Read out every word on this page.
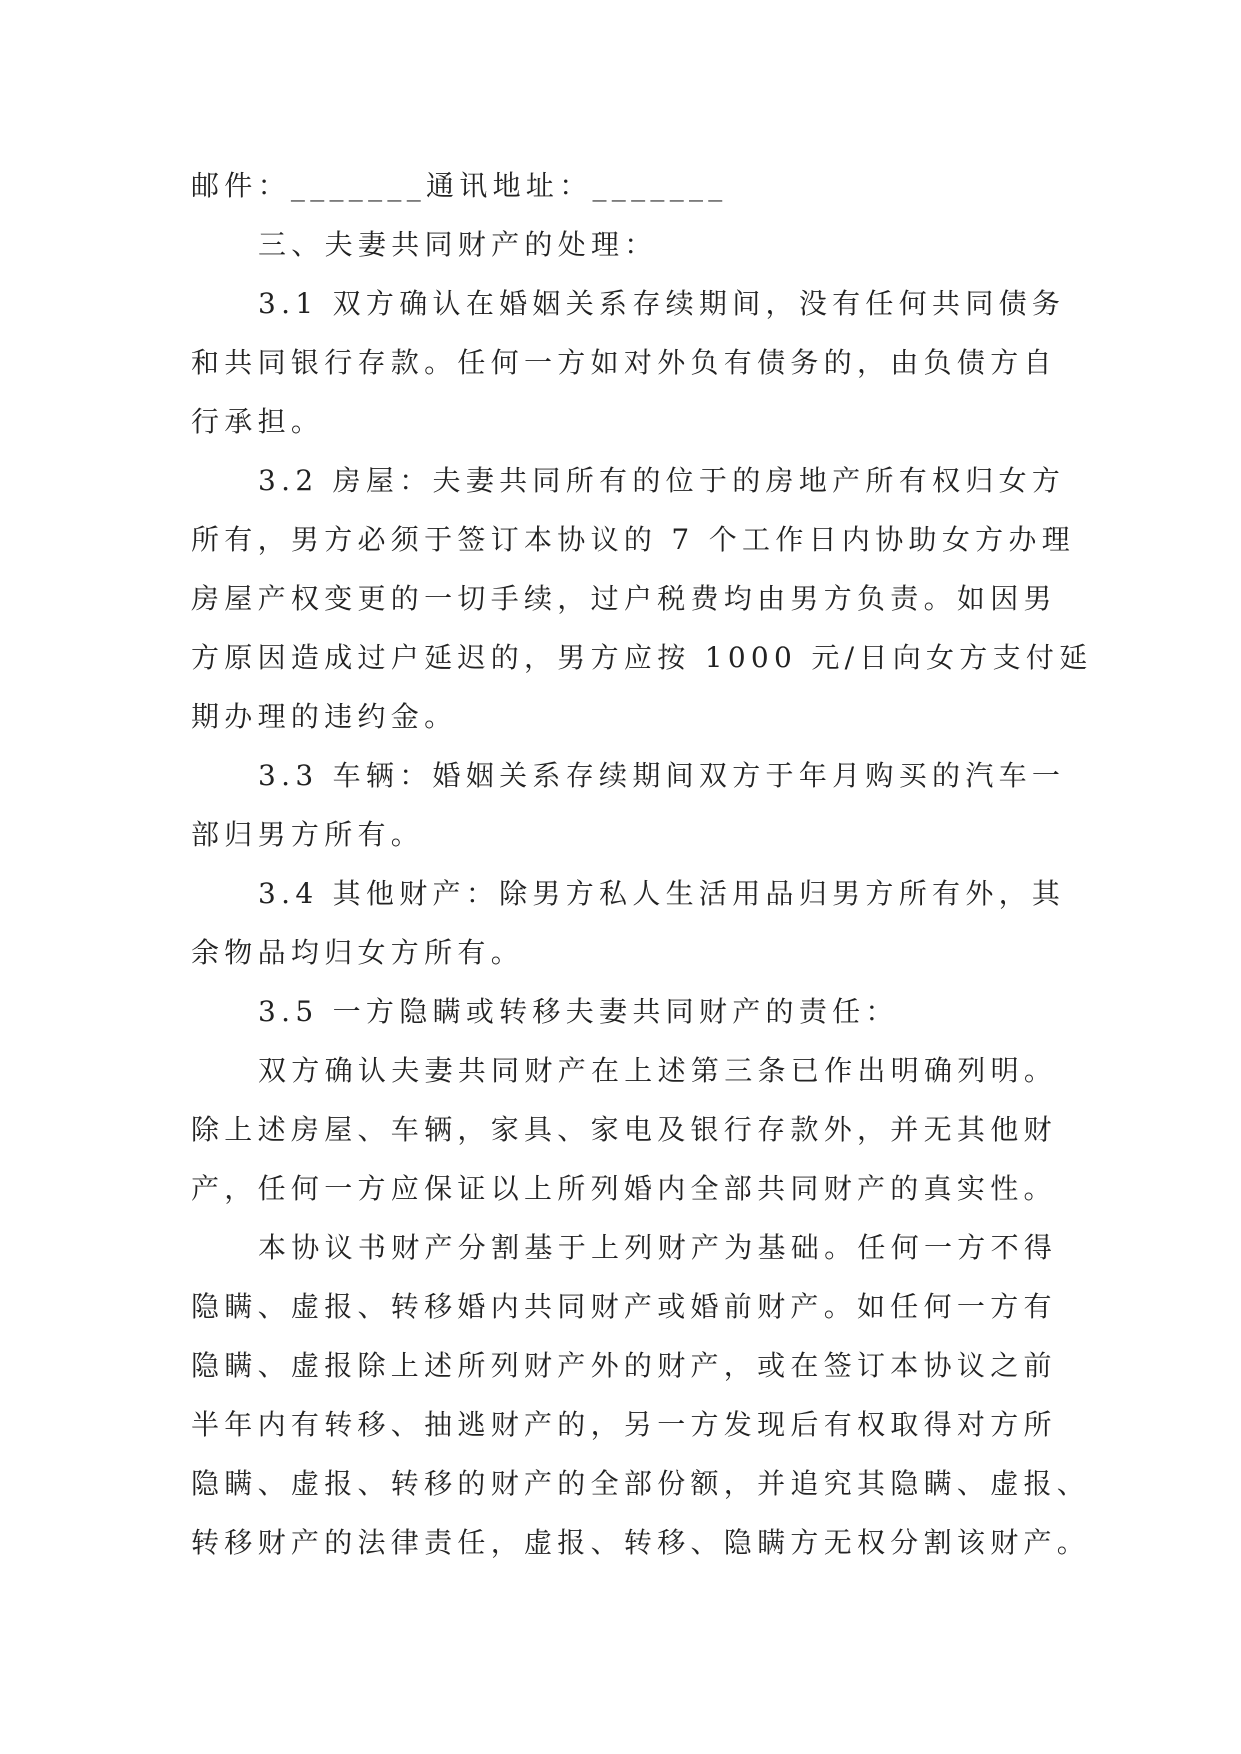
邮件：_______通讯地址：_______
三、夫妻共同财产的处理：
3.1 双方确认在婚姻关系存续期间，没有任何共同债务
和共同银行存款。任何一方如对外负有债务的，由负债方自
行承担。
3.2 房屋：夫妻共同所有的位于的房地产所有权归女方
所有，男方必须于签订本协议的 7 个工作日内协助女方办理
房屋产权变更的一切手续，过户税费均由男方负责。如因男
方原因造成过户延迟的，男方应按 1000 元/日向女方支付延
期办理的违约金。
3.3 车辆：婚姻关系存续期间双方于年月购买的汽车一
部归男方所有。
3.4 其他财产：除男方私人生活用品归男方所有外，其
余物品均归女方所有。
3.5 一方隐瞒或转移夫妻共同财产的责任：
双方确认夫妻共同财产在上述第三条已作出明确列明。
除上述房屋、车辆，家具、家电及银行存款外，并无其他财
产，任何一方应保证以上所列婚内全部共同财产的真实性。
本协议书财产分割基于上列财产为基础。任何一方不得
隐瞒、虚报、转移婚内共同财产或婚前财产。如任何一方有
隐瞒、虚报除上述所列财产外的财产，或在签订本协议之前
半年内有转移、抽逃财产的，另一方发现后有权取得对方所
隐瞒、虚报、转移的财产的全部份额，并追究其隐瞒、虚报、
转移财产的法律责任，虚报、转移、隐瞒方无权分割该财产。
